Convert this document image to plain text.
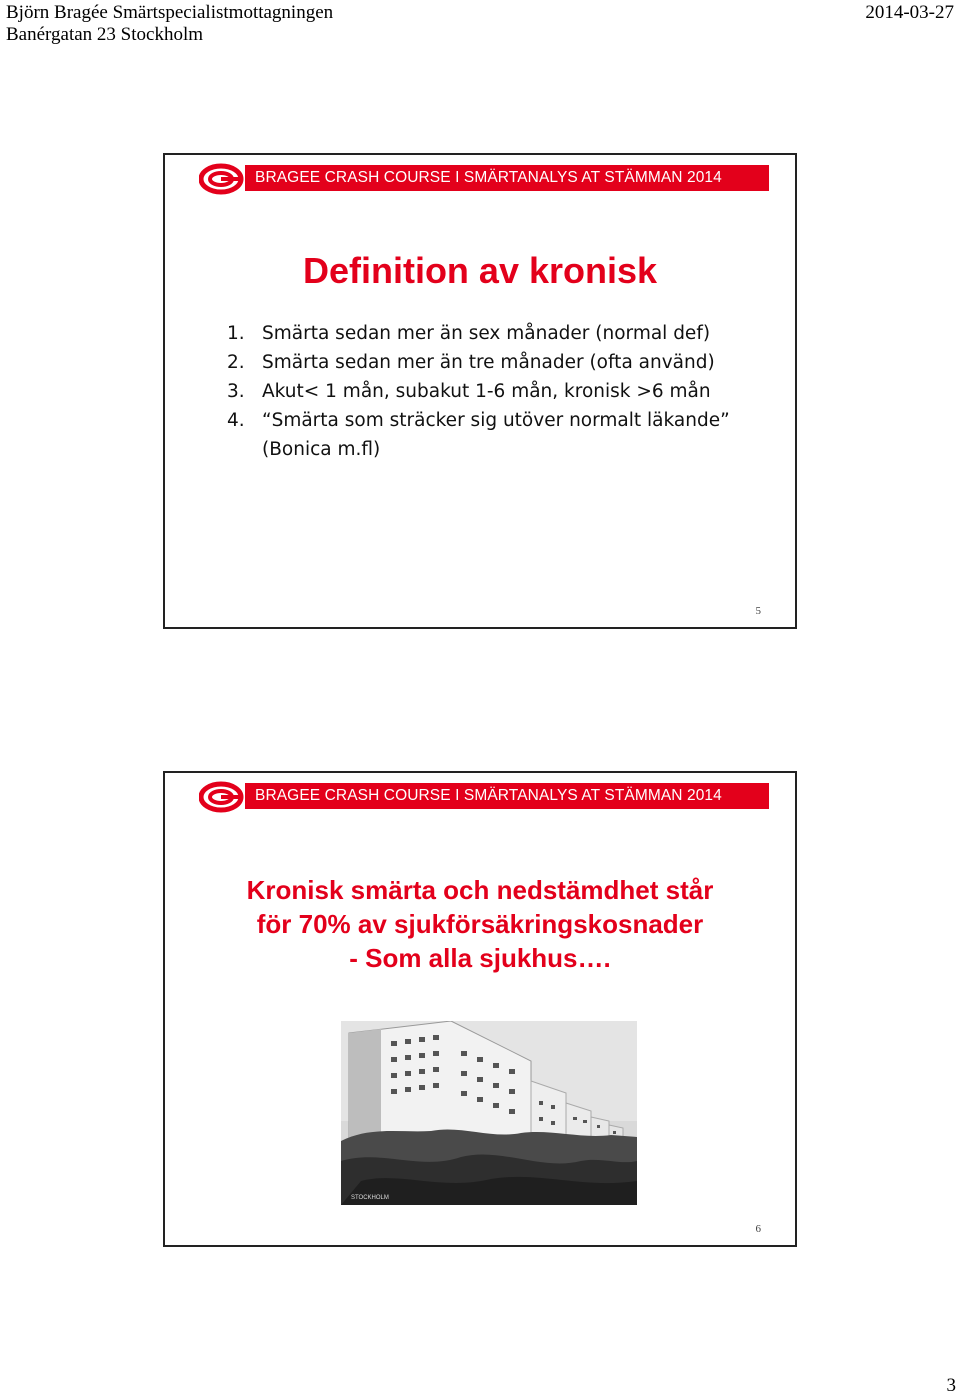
Björn Bragée Smärtspecialistmottagningen
Banérgatan 23 Stockholm
2014-03-27
BRAGEE CRASH COURSE I SMÄRTANALYS AT STÄMMAN 2014
Definition av kronisk
1. Smärta sedan mer än sex månader (normal def)
2. Smärta sedan mer än tre månader (ofta använd)
3. Akut< 1 mån, subakut 1-6 mån, kronisk >6 mån
4. “Smärta som sträcker sig utöver normalt läkande” (Bonica m.fl)
5
BRAGEE CRASH COURSE I SMÄRTANALYS AT STÄMMAN 2014
Kronisk smärta och nedstämdhet står
för 70% av sjukförsäkringskosnader
- Som alla sjukhus….
STOCKHOLM
6
3
